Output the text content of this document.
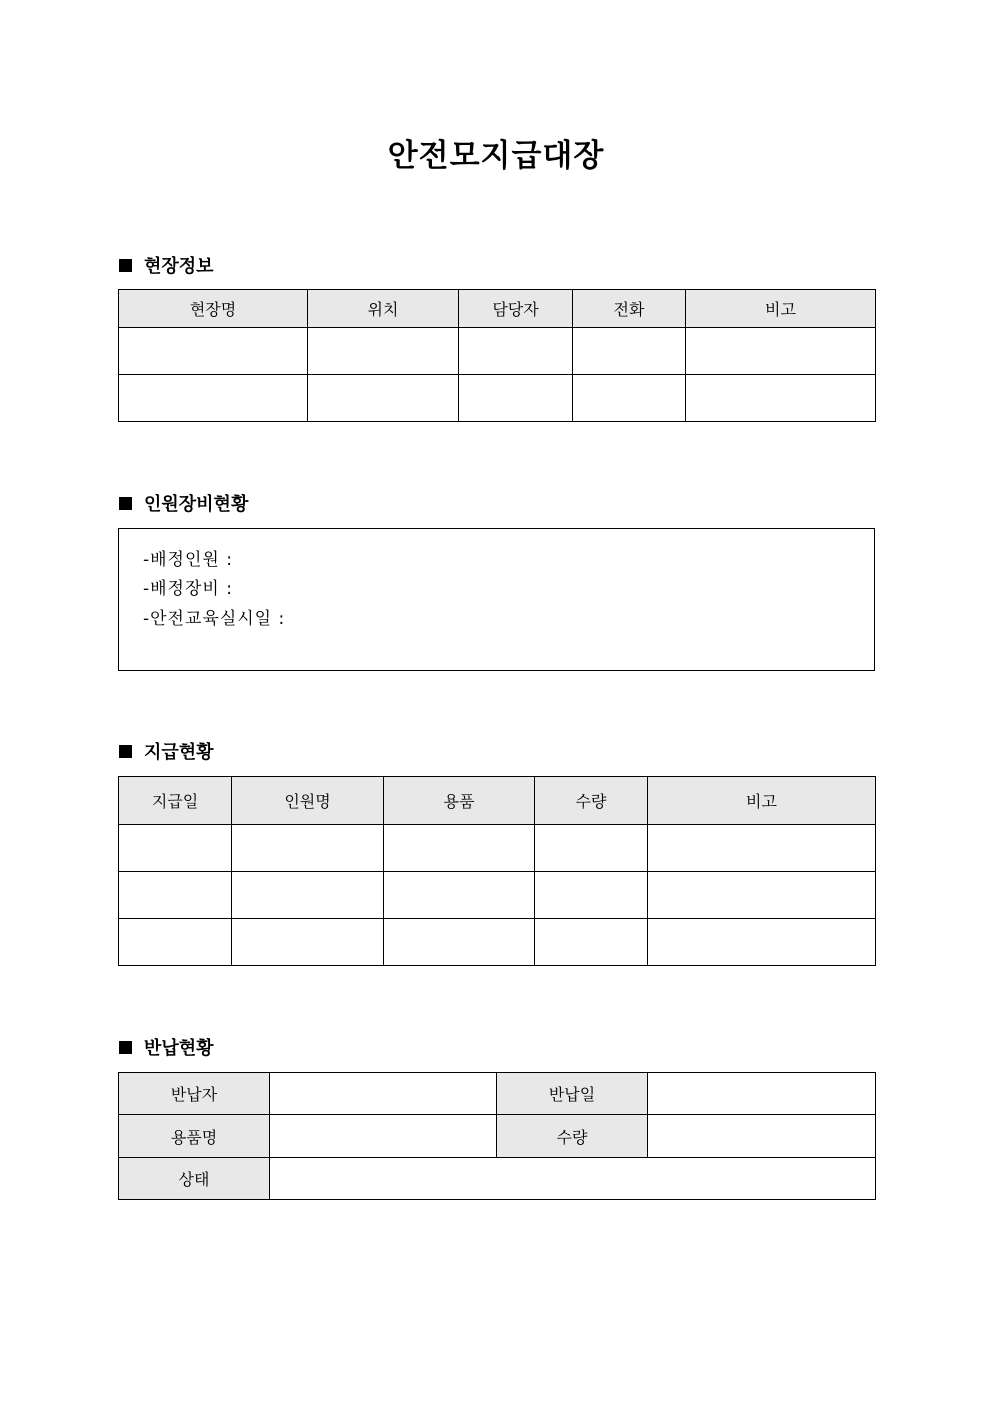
안전모지급대장
현장정보
현장명	위치	담당자	전화	비고

인원장비현황
-배정인원 :
-배정장비 :
-안전교육실시일 :
지급현황
지급일	인원명	용품	수량	비고

반납현황
반납자		반납일	
용품명		수량	
상태			
